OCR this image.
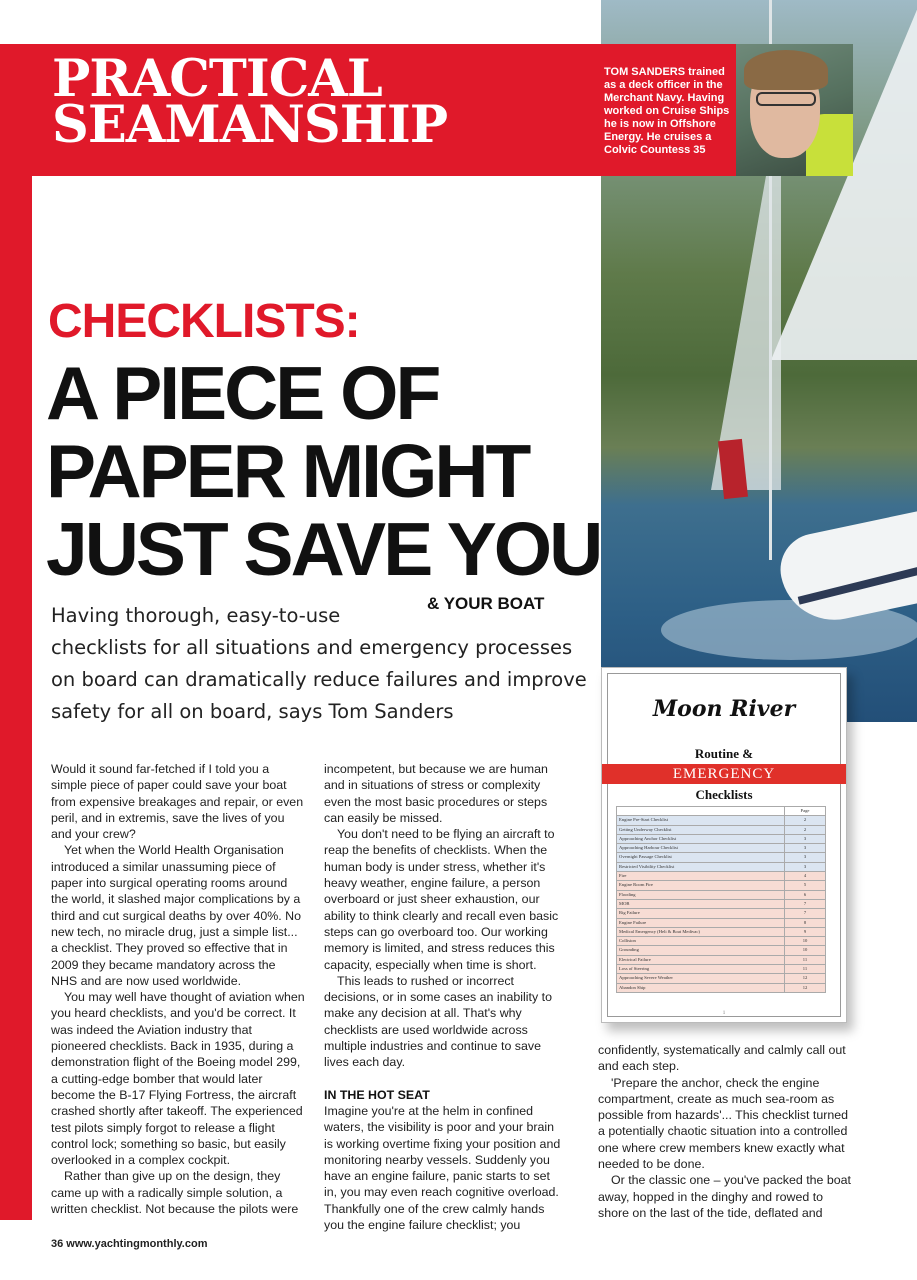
PRACTICAL
SEAMANSHIP

TOM SANDERS trained as a deck officer in the Merchant Navy. Having worked on Cruise Ships he is now in Offshore Energy. He cruises a Colvic Countess 35

CHECKLISTS:
A PIECE OF
PAPER MIGHT
JUST SAVE YOU

& YOUR BOAT

Having thorough, easy-to-use
checklists for all situations and emergency processes on board can dramatically reduce failures and improve safety for all on board, says Tom Sanders

Would it sound far-fetched if I told you a simple piece of paper could save your boat from expensive breakages and repair, or even peril, and in extremis, save the lives of you and your crew?

Yet when the World Health Organisation introduced a similar unassuming piece of paper into surgical operating rooms around the world, it slashed major complications by a third and cut surgical deaths by over 40%. No new tech, no miracle drug, just a simple list... a checklist. They proved so effective that in 2009 they became mandatory across the NHS and are now used worldwide.

You may well have thought of aviation when you heard checklists, and you'd be correct. It was indeed the Aviation industry that pioneered checklists. Back in 1935, during a demonstration flight of the Boeing model 299, a cutting-edge bomber that would later become the B-17 Flying Fortress, the aircraft crashed shortly after takeoff. The experienced test pilots simply forgot to release a flight control lock; something so basic, but easily overlooked in a complex cockpit.

Rather than give up on the design, they came up with a radically simple solution, a written checklist. Not because the pilots were

incompetent, but because we are human and in situations of stress or complexity even the most basic procedures or steps can easily be missed.

You don't need to be flying an aircraft to reap the benefits of checklists. When the human body is under stress, whether it's heavy weather, engine failure, a person overboard or just sheer exhaustion, our ability to think clearly and recall even basic steps can go overboard too. Our working memory is limited, and stress reduces this capacity, especially when time is short.

This leads to rushed or incorrect decisions, or in some cases an inability to make any decision at all. That's why checklists are used worldwide across multiple industries and continue to save lives each day.

IN THE HOT SEAT

Imagine you're at the helm in confined waters, the visibility is poor and your brain is working overtime fixing your position and monitoring nearby vessels. Suddenly you have an engine failure, panic starts to set in, you may even reach cognitive overload. Thankfully one of the crew calmly hands you the engine failure checklist; you

confidently, systematically and calmly call out and each step.

'Prepare the anchor, check the engine compartment, create as much sea-room as possible from hazards'... This checklist turned a potentially chaotic situation into a controlled one where crew members knew exactly what needed to be done.

Or the classic one – you've packed the boat away, hopped in the dinghy and rowed to shore on the last of the tide, deflated and

Moon River
Routine &
EMERGENCY
Checklists
	Page
Engine Pre-Start Checklist	2
Getting Underway Checklist	2
Approaching Anchor Checklist	3
Approaching Harbour Checklist	3
Overnight Passage Checklist	3
Restricted Visibility Checklist	3
Fire	4
Engine Room Fire	5
Flooding	6
MOB	7
Rig Failure	7
Engine Failure	8
Medical Emergency (Heli & Boat Medivac)	9
Collision	10
Grounding	10
Electrical Failure	11
Loss of Steering	11
Approaching Severe Weather	12
Abandon Ship	12
1

36 www.yachtingmonthly.com
